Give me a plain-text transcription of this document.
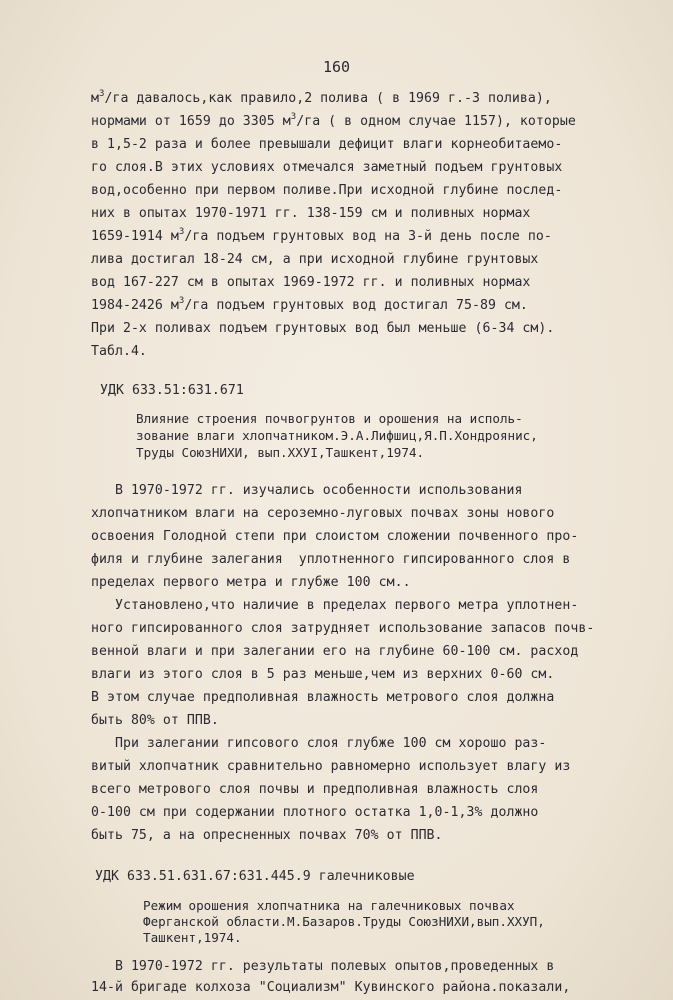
160
$м^3/га$ давалось,как правило,2 полива ( в 1969 г.-3 полива),
нормами от 1659 до 3305 $м^3/га$ ( в одном случае 1157), которые
в 1,5-2 раза и более превышали дефицит влаги корнеобитаемо-
го слоя.В этих условиях отмечался заметный подъем грунтовых
вод,особенно при первом поливе.При исходной глубине послед-
них в опытах 1970-1971 гг. 138-159 см и поливных нормах
1659-1914 $м^3/га$ подъем грунтовых вод на 3-й день после по-
лива достигал 18-24 см, а при исходной глубине грунтовых
вод 167-227 см в опытах 1969-1972 гг. и поливных нормах
1984-2426 $м^3/га$ подъем грунтовых вод достигал 75-89 см.
При 2-х поливах подъем грунтовых вод был меньше (6-34 см).
Табл.4.
УДК 633.51:631.671
Влияние строения почвогрунтов и орошения на исполь-
зование влаги хлопчатником.Э.А.Лифшиц,Я.П.Хондроянис,
Труды СоюзНИХИ, вып.ХХУI,Ташкент,1974.
В 1970-1972 гг. изучались особенности использования
хлопчатником влаги на сероземно-луговых почвах зоны нового
освоения Голодной степи при слоистом сложении почвенного про-
филя и глубине залегания  уплотненного гипсированного слоя в
пределах первого метра и глубже 100 см..
Установлено,что наличие в пределах первого метра уплотнен-
ного гипсированного слоя затрудняет использование запасов почв-
венной влаги и при залегании его на глубине 60-100 см. расход
влаги из этого слоя в 5 раз меньше,чем из верхних 0-60 см.
В этом случае предполивная влажность метрового слоя должна
быть 80% от ППВ.
При залегании гипсового слоя глубже 100 см хорошо раз-
витый хлопчатник сравнительно равномерно использует влагу из
всего метрового слоя почвы и предполивная влажность слоя
0-100 см при содержании плотного остатка 1,0-1,3% должно
быть 75, а на опресненных почвах 70% от ППВ.
УДК 633.51.631.67:631.445.9 галечниковые
Режим орошения хлопчатника на галечниковых почвах
Ферганской области.М.Базаров.Труды СоюзНИХИ,вып.ХХУП,
Ташкент,1974.
В 1970-1972 гг. результаты полевых опытов,проведенных в
14-й бригаде колхоза "Социализм" Кувинского района.показали,
